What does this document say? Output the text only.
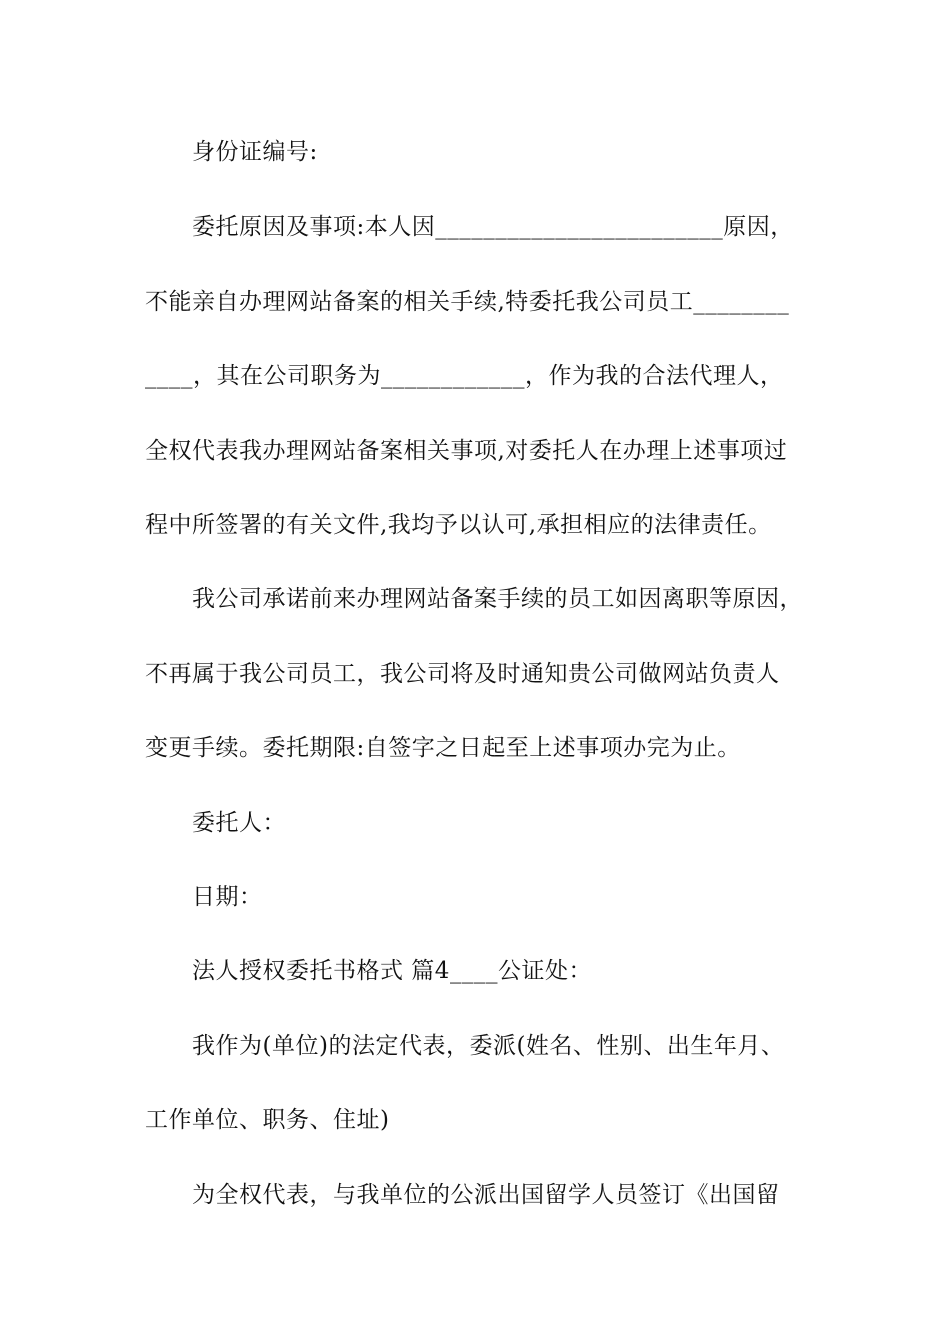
身份证编号:
委托原因及事项:本人因________________________原因，
不能亲自办理网站备案的相关手续,特委托我公司员工________
____，其在公司职务为____________，作为我的合法代理人，
全权代表我办理网站备案相关事项,对委托人在办理上述事项过
程中所签署的有关文件,我均予以认可,承担相应的法律责任。
我公司承诺前来办理网站备案手续的员工如因离职等原因，
不再属于我公司员工，我公司将及时通知贵公司做网站负责人
变更手续。委托期限:自签字之日起至上述事项办完为止。
委托人：
日期：
法人授权委托书格式 篇4____公证处：
我作为(单位)的法定代表，委派(姓名、性别、出生年月、
工作单位、职务、住址)
为全权代表，与我单位的公派出国留学人员签订《出国留
